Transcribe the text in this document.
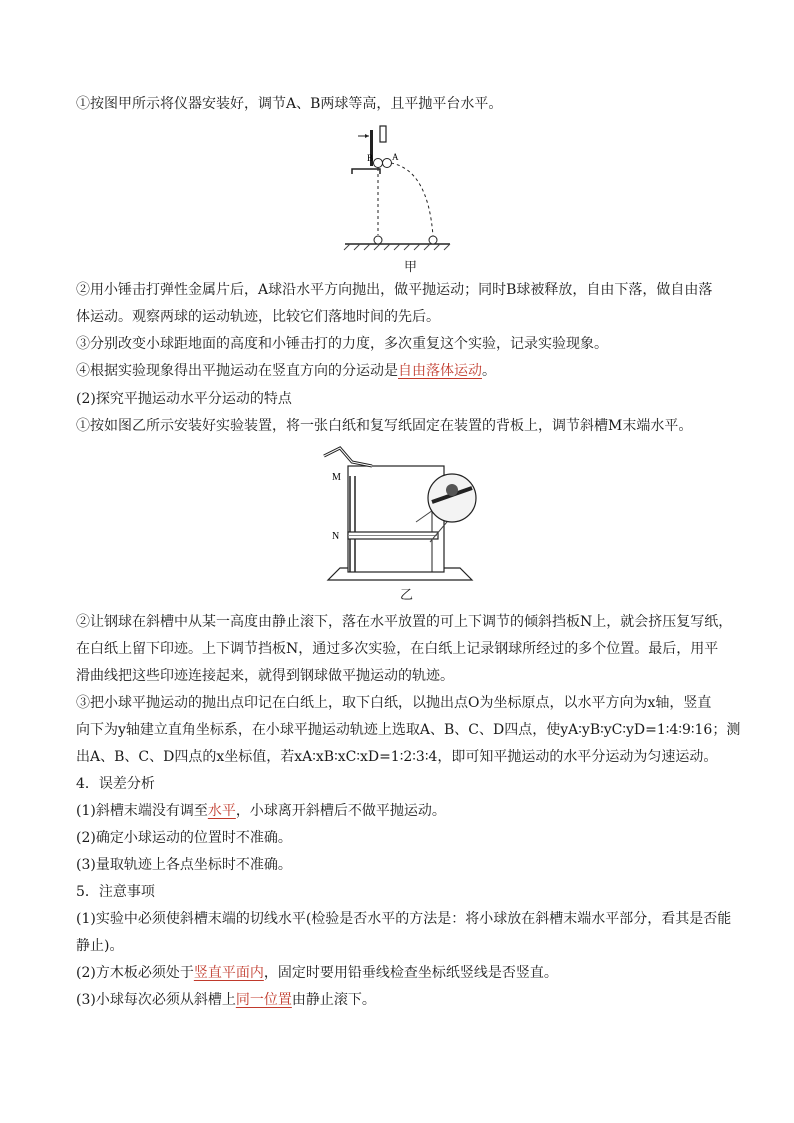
①按图甲所示将仪器安装好，调节A、B两球等高，且平抛平台水平。
B A
甲
②用小锤击打弹性金属片后，A球沿水平方向抛出，做平抛运动；同时B球被释放，自由下落，做自由落
体运动。观察两球的运动轨迹，比较它们落地时间的先后。
③分别改变小球距地面的高度和小锤击打的力度，多次重复这个实验，记录实验现象。
④根据实验现象得出平抛运动在竖直方向的分运动是自由落体运动。
(2)探究平抛运动水平分运动的特点
①按如图乙所示安装好实验装置，将一张白纸和复写纸固定在装置的背板上，调节斜槽M末端水平。
M
N
乙
②让钢球在斜槽中从某一高度由静止滚下，落在水平放置的可上下调节的倾斜挡板N上，就会挤压复写纸，
在白纸上留下印迹。上下调节挡板N，通过多次实验，在白纸上记录钢球所经过的多个位置。最后，用平
滑曲线把这些印迹连接起来，就得到钢球做平抛运动的轨迹。
③把小球平抛运动的抛出点印记在白纸上，取下白纸，以抛出点O为坐标原点，以水平方向为x轴，竖直
向下为y轴建立直角坐标系，在小球平抛运动轨迹上选取A、B、C、D四点，使yA∶yB∶yC∶yD=1∶4∶9∶16；测
出A、B、C、D四点的x坐标值，若xA∶xB∶xC∶xD=1∶2∶3∶4，即可知平抛运动的水平分运动为匀速运动。
4．误差分析
(1)斜槽末端没有调至水平，小球离开斜槽后不做平抛运动。
(2)确定小球运动的位置时不准确。
(3)量取轨迹上各点坐标时不准确。
5．注意事项
(1)实验中必须使斜槽末端的切线水平(检验是否水平的方法是：将小球放在斜槽末端水平部分，看其是否能
静止)。
(2)方木板必须处于竖直平面内，固定时要用铅垂线检查坐标纸竖线是否竖直。
(3)小球每次必须从斜槽上同一位置由静止滚下。
